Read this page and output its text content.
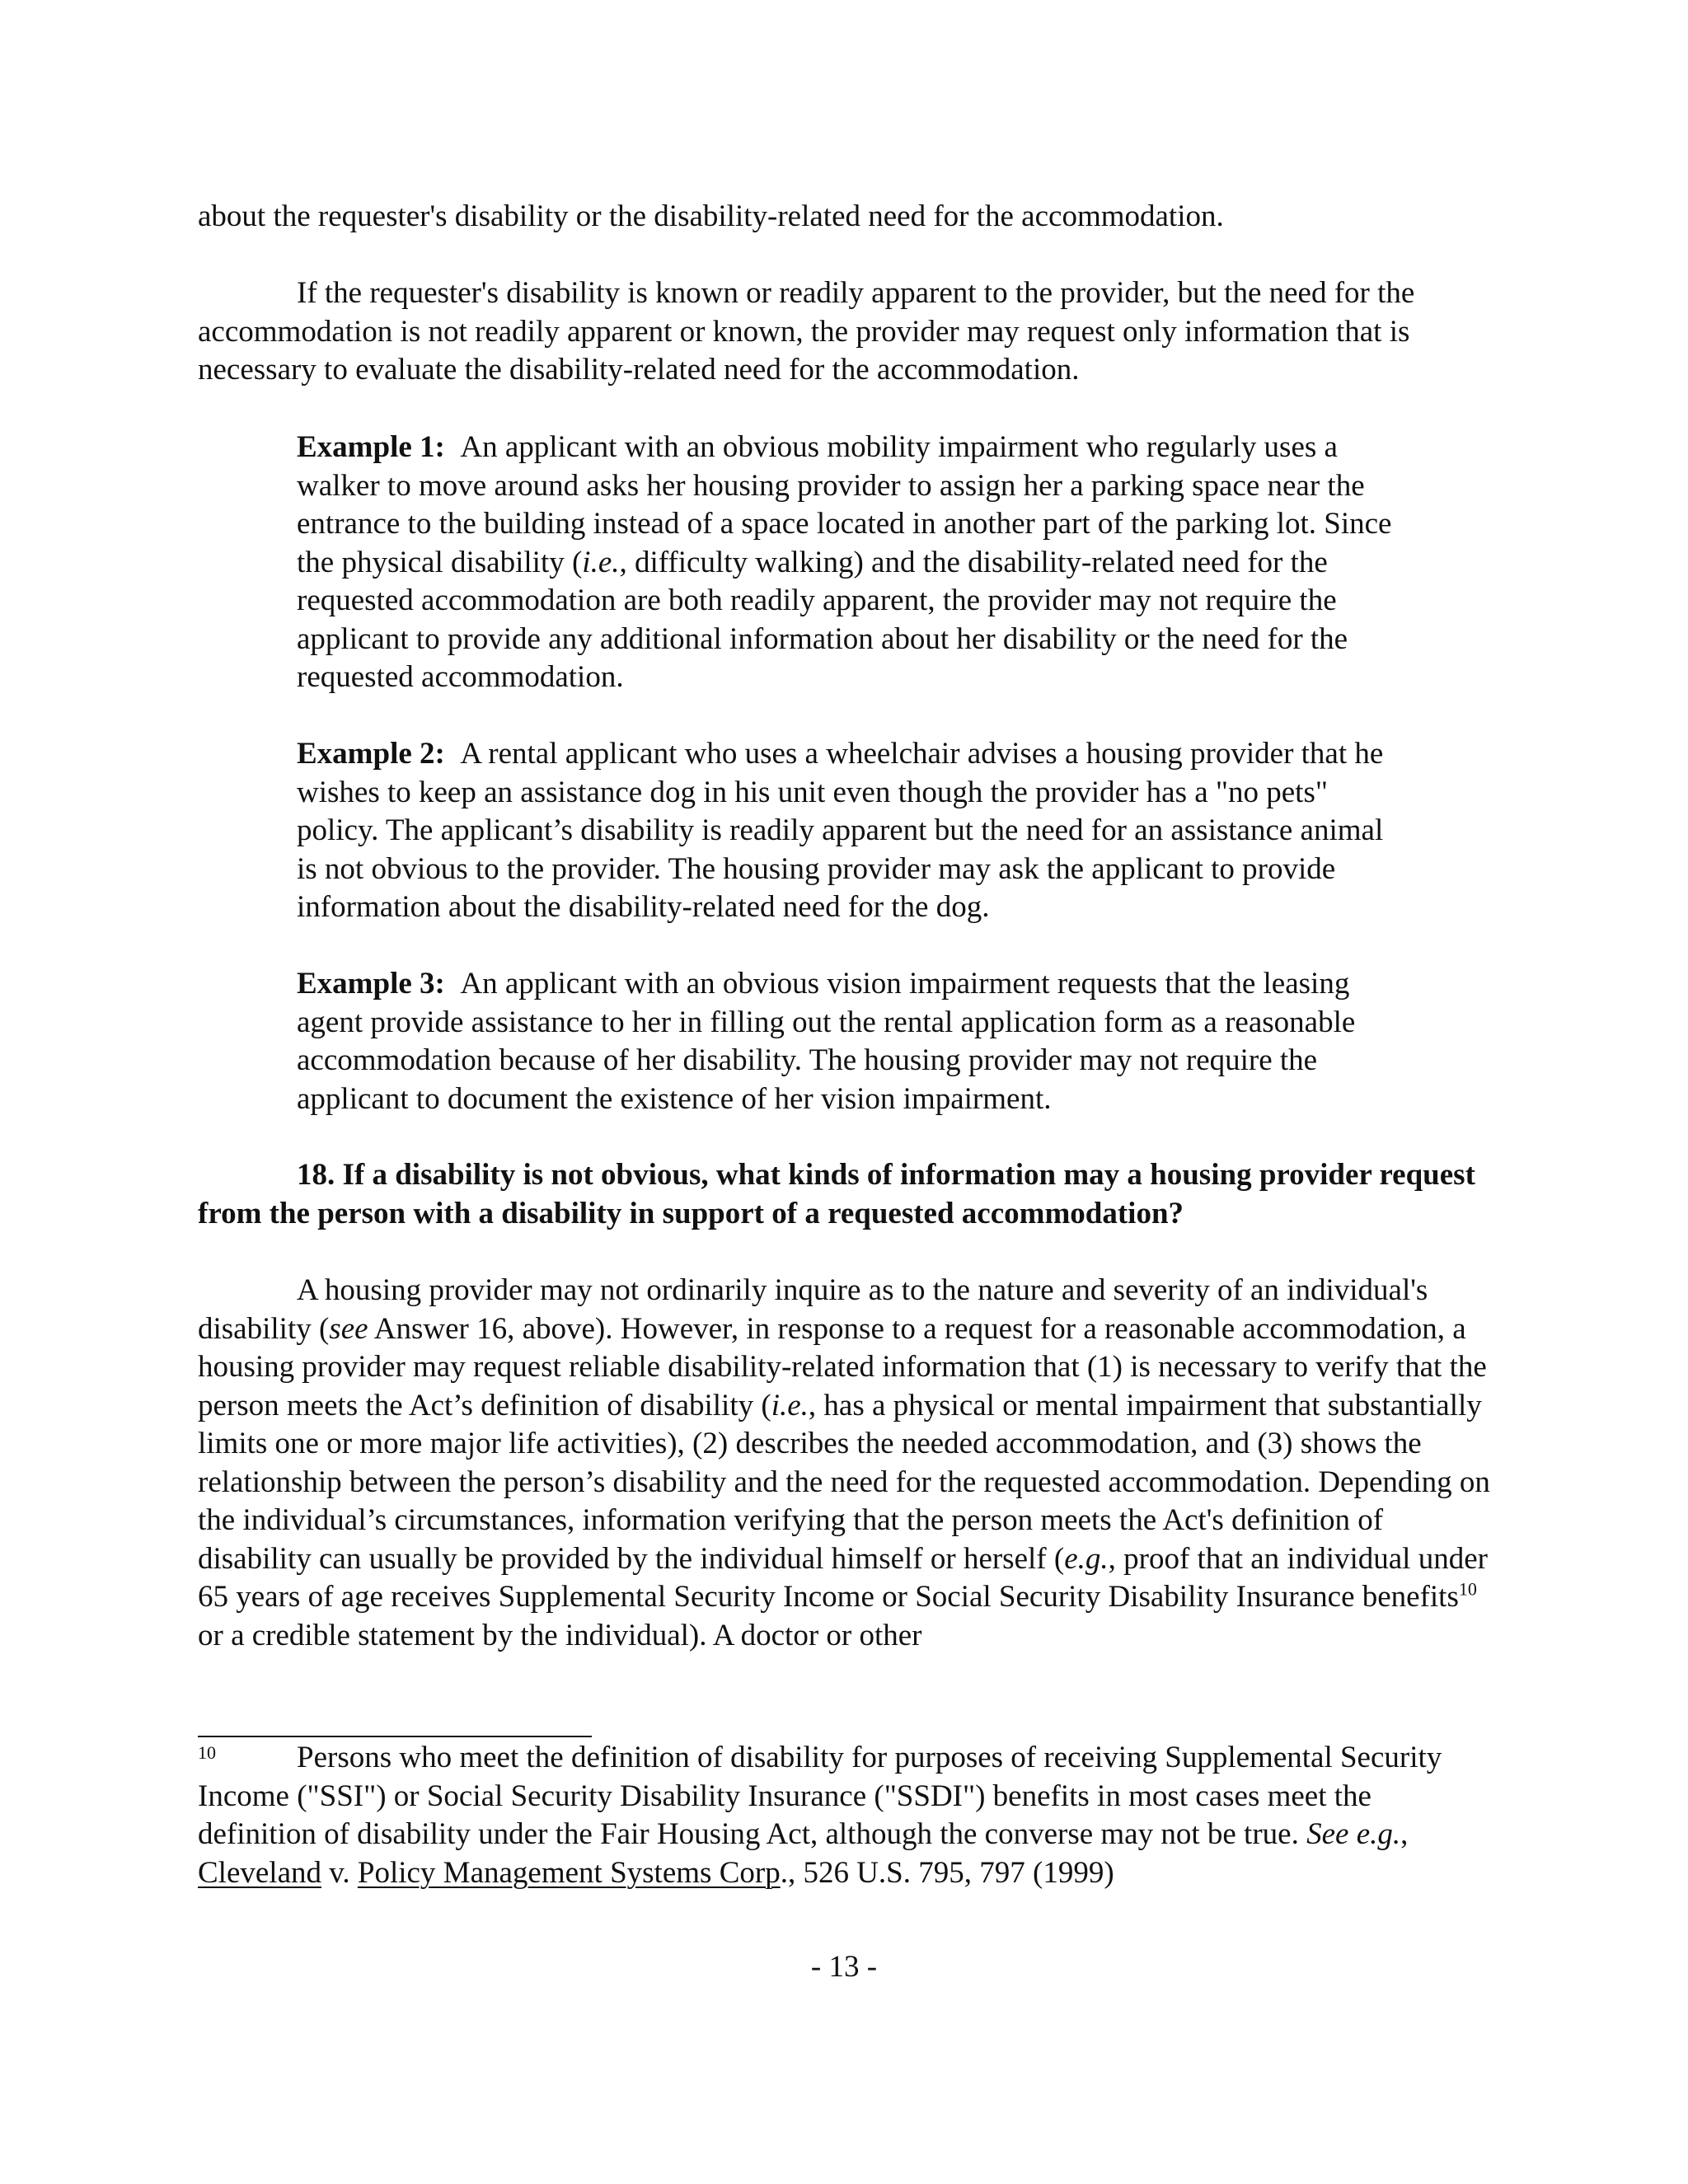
about the requester's disability or the disability-related need for the accommodation.

If the requester's disability is known or readily apparent to the provider, but the need for the accommodation is not readily apparent or known, the provider may request only information that is necessary to evaluate the disability-related need for the accommodation.

Example 1: An applicant with an obvious mobility impairment who regularly uses a walker to move around asks her housing provider to assign her a parking space near the entrance to the building instead of a space located in another part of the parking lot. Since the physical disability (i.e., difficulty walking) and the disability-related need for the requested accommodation are both readily apparent, the provider may not require the applicant to provide any additional information about her disability or the need for the requested accommodation.

Example 2: A rental applicant who uses a wheelchair advises a housing provider that he wishes to keep an assistance dog in his unit even though the provider has a "no pets" policy. The applicant’s disability is readily apparent but the need for an assistance animal is not obvious to the provider. The housing provider may ask the applicant to provide information about the disability-related need for the dog.

Example 3: An applicant with an obvious vision impairment requests that the leasing agent provide assistance to her in filling out the rental application form as a reasonable accommodation because of her disability. The housing provider may not require the applicant to document the existence of her vision impairment.

18. If a disability is not obvious, what kinds of information may a housing provider request from the person with a disability in support of a requested accommodation?

A housing provider may not ordinarily inquire as to the nature and severity of an individual's disability (see Answer 16, above). However, in response to a request for a reasonable accommodation, a housing provider may request reliable disability-related information that (1) is necessary to verify that the person meets the Act’s definition of disability (i.e., has a physical or mental impairment that substantially limits one or more major life activities), (2) describes the needed accommodation, and (3) shows the relationship between the person’s disability and the need for the requested accommodation. Depending on the individual’s circumstances, information verifying that the person meets the Act's definition of disability can usually be provided by the individual himself or herself (e.g., proof that an individual under 65 years of age receives Supplemental Security Income or Social Security Disability Insurance benefits$^{10}$ or a credible statement by the individual). A doctor or other

10	Persons who meet the definition of disability for purposes of receiving Supplemental Security Income ("SSI") or Social Security Disability Insurance ("SSDI") benefits in most cases meet the definition of disability under the Fair Housing Act, although the converse may not be true. See e.g., Cleveland v. Policy Management Systems Corp., 526 U.S. 795, 797 (1999)

- 13 -
